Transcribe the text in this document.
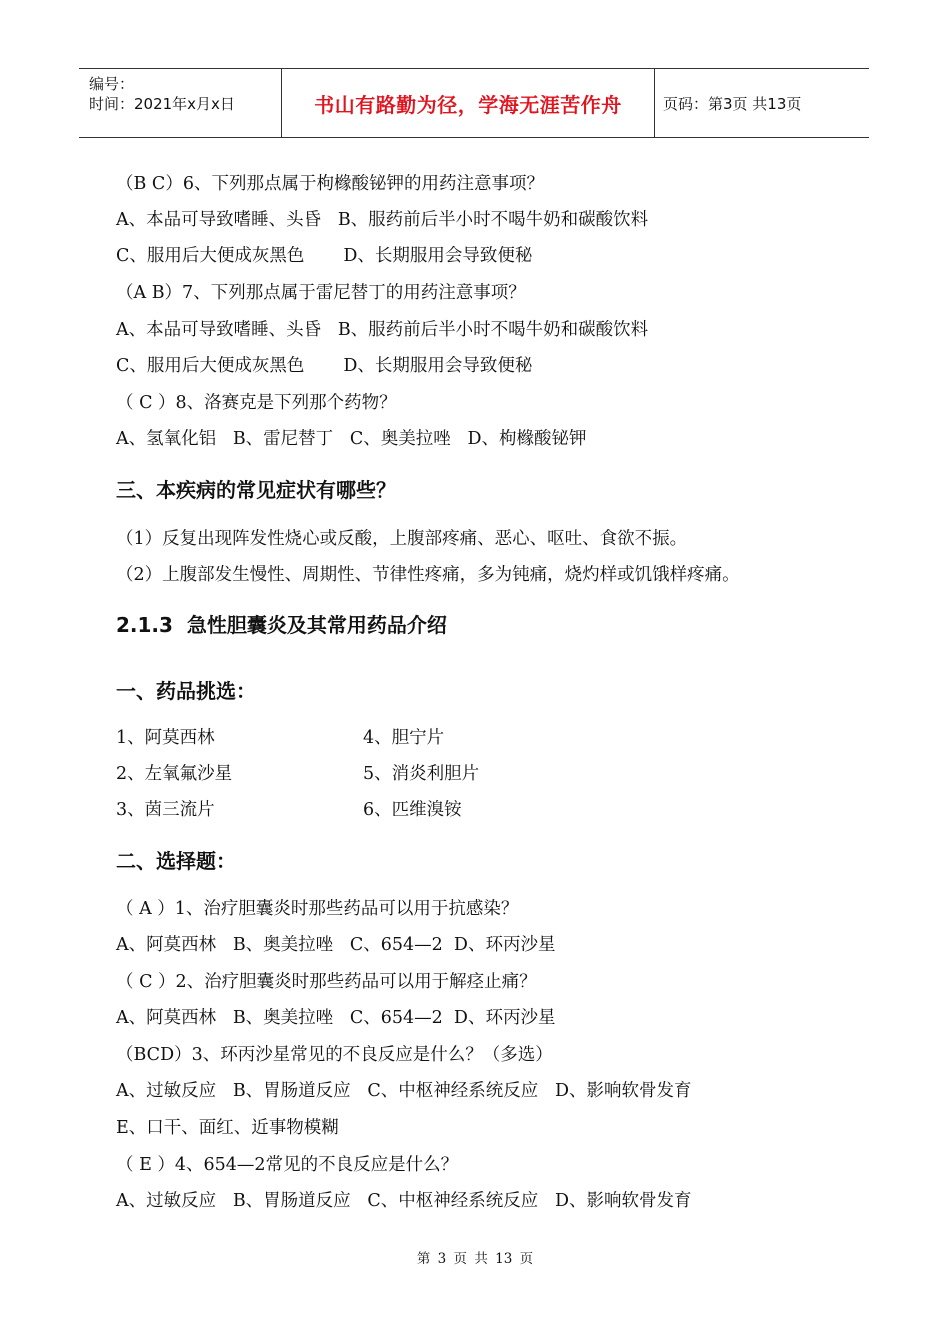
编号：
时间：2021年x月x日	书山有路勤为径，学海无涯苦作舟	页码：第3页 共13页
（B C）6、下列那点属于枸橼酸铋钾的用药注意事项？
A、本品可导致嗜睡、头昏   B、服药前后半小时不喝牛奶和碳酸饮料
C、服用后大便成灰黑色       D、长期服用会导致便秘
（A B）7、下列那点属于雷尼替丁的用药注意事项？
A、本品可导致嗜睡、头昏   B、服药前后半小时不喝牛奶和碳酸饮料
C、服用后大便成灰黑色       D、长期服用会导致便秘
（ C ）8、洛赛克是下列那个药物？
A、氢氧化铝   B、雷尼替丁   C、奥美拉唑   D、枸橼酸铋钾
三、本疾病的常见症状有哪些？
（1）反复出现阵发性烧心或反酸，上腹部疼痛、恶心、呕吐、食欲不振。
（2）上腹部发生慢性、周期性、节律性疼痛，多为钝痛，烧灼样或饥饿样疼痛。
2.1.3  急性胆囊炎及其常用药品介绍
一、药品挑选：
1、阿莫西林	4、胆宁片
2、左氧氟沙星	5、消炎利胆片
3、茵三流片	6、匹维溴铵
二、选择题：
（ A ）1、治疗胆囊炎时那些药品可以用于抗感染？
A、阿莫西林   B、奥美拉唑   C、654—2  D、环丙沙星
（ C ）2、治疗胆囊炎时那些药品可以用于解痉止痛？
A、阿莫西林   B、奥美拉唑   C、654—2  D、环丙沙星
（BCD）3、环丙沙星常见的不良反应是什么？（多选）
A、过敏反应   B、胃肠道反应   C、中枢神经系统反应   D、影响软骨发育
E、口干、面红、近事物模糊
（ E ）4、654—2常见的不良反应是什么？
A、过敏反应   B、胃肠道反应   C、中枢神经系统反应   D、影响软骨发育
第 3 页 共 13 页
